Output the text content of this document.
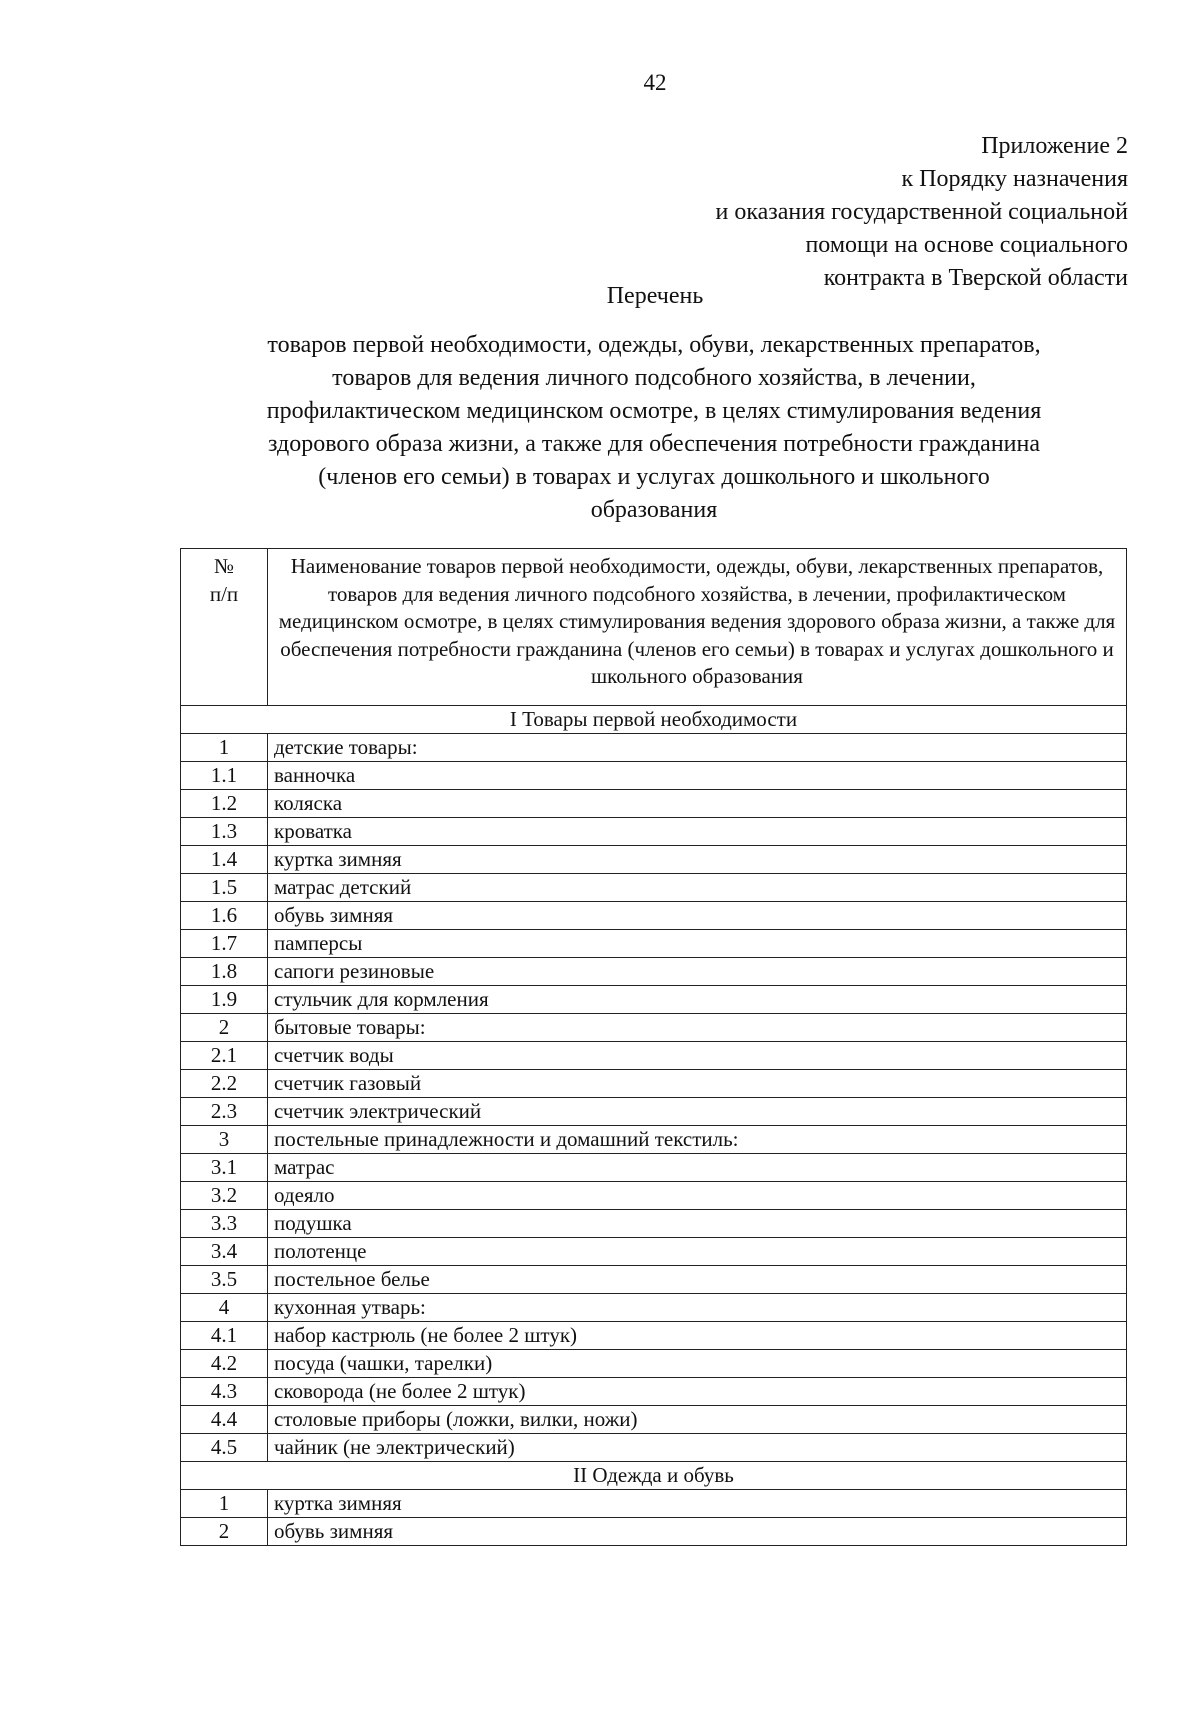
42
Приложение 2
к Порядку назначения
и оказания государственной социальной
помощи на основе социального
контракта в Тверской области
Перечень
товаров первой необходимости, одежды, обуви, лекарственных препаратов,
товаров для ведения личного подсобного хозяйства, в лечении,
профилактическом медицинском осмотре, в целях стимулирования ведения
здорового образа жизни, а также для обеспечения потребности гражданина
(членов его семьи) в товарах и услугах дошкольного и школьного
образования
№
п/п	Наименование товаров первой необходимости, одежды, обуви, лекарственных препаратов, товаров для ведения личного подсобного хозяйства, в лечении, профилактическом медицинском осмотре, в целях стимулирования ведения здорового образа жизни, а также для обеспечения потребности гражданина (членов его семьи) в товарах и услугах дошкольного и школьного образования
I Товары первой необходимости	
1	детские товары:
1.1	ванночка
1.2	коляска
1.3	кроватка
1.4	куртка зимняя
1.5	матрас детский
1.6	обувь зимняя
1.7	памперсы
1.8	сапоги резиновые
1.9	стульчик для кормления
2	бытовые товары:
2.1	счетчик воды
2.2	счетчик газовый
2.3	счетчик электрический
3	постельные принадлежности и домашний текстиль:
3.1	матрас
3.2	одеяло
3.3	подушка
3.4	полотенце
3.5	постельное белье
4	кухонная утварь:
4.1	набор кастрюль (не более 2 штук)
4.2	посуда (чашки, тарелки)
4.3	сковорода (не более 2 штук)
4.4	столовые приборы (ложки, вилки, ножи)
4.5	чайник (не электрический)
II Одежда и обувь	
1	куртка зимняя
2	обувь зимняя
